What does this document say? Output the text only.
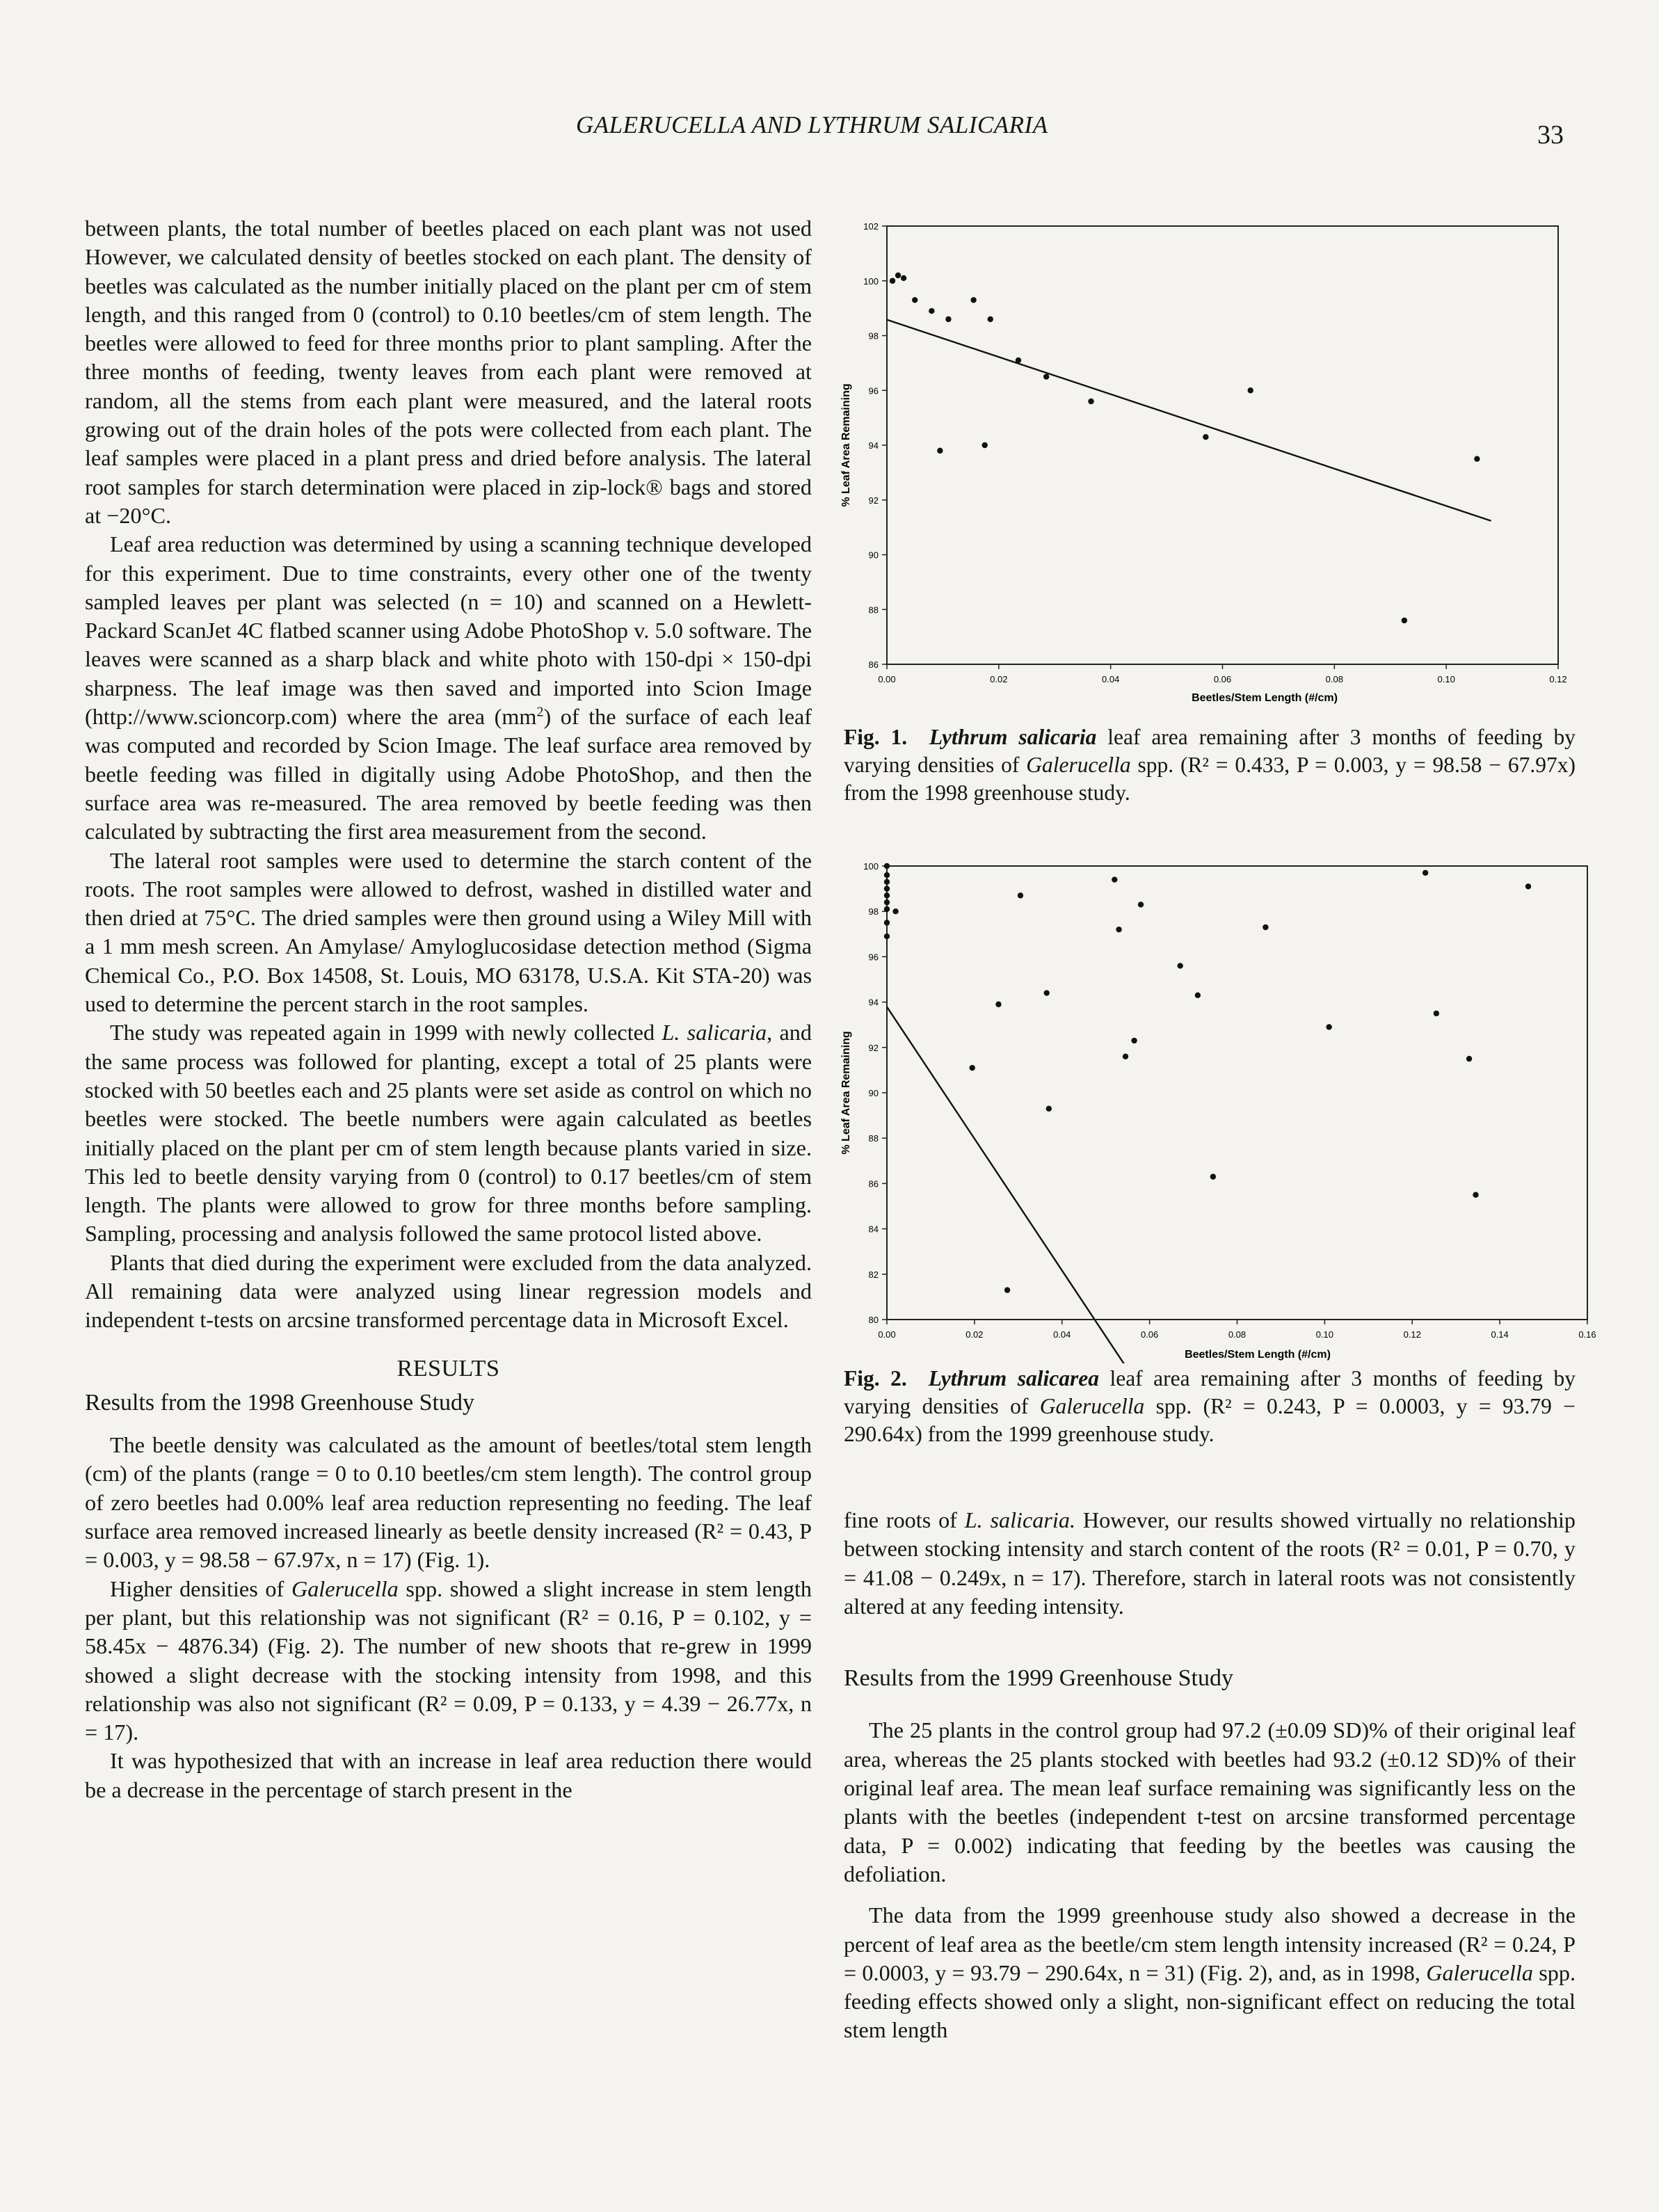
GALERUCELLA AND LYTHRUM SALICARIA	33

between plants, the total number of beetles placed on each plant was not used However, we calculated density of beetles stocked on each plant. The density of beetles was calculated as the number initially placed on the plant per cm of stem length, and this ranged from 0 (control) to 0.10 beetles/cm of stem length. The beetles were allowed to feed for three months prior to plant sampling. After the three months of feeding, twenty leaves from each plant were removed at random, all the stems from each plant were measured, and the lateral roots growing out of the drain holes of the pots were collected from each plant. The leaf samples were placed in a plant press and dried before analysis. The lateral root samples for starch determination were placed in zip-lock® bags and stored at −20°C.

Leaf area reduction was determined by using a scanning technique developed for this experiment. Due to time constraints, every other one of the twenty sampled leaves per plant was selected (n = 10) and scanned on a Hewlett-Packard ScanJet 4C flatbed scanner using Adobe PhotoShop v. 5.0 software. The leaves were scanned as a sharp black and white photo with 150-dpi × 150-dpi sharpness. The leaf image was then saved and imported into Scion Image (http://www.scioncorp.com) where the area $(mm^2)$ of the surface of each leaf was computed and recorded by Scion Image. The leaf surface area removed by beetle feeding was filled in digitally using Adobe PhotoShop, and then the surface area was re-measured. The area removed by beetle feeding was then calculated by subtracting the first area measurement from the second.

The lateral root samples were used to determine the starch content of the roots. The root samples were allowed to defrost, washed in distilled water and then dried at 75°C. The dried samples were then ground using a Wiley Mill with a 1 mm mesh screen. An Amylase/ Amyloglucosidase detection method (Sigma Chemical Co., P.O. Box 14508, St. Louis, MO 63178, U.S.A. Kit STA-20) was used to determine the percent starch in the root samples.

The study was repeated again in 1999 with newly collected L. salicaria, and the same process was followed for planting, except a total of 25 plants were stocked with 50 beetles each and 25 plants were set aside as control on which no beetles were stocked. The beetle numbers were again calculated as beetles initially placed on the plant per cm of stem length because plants varied in size. This led to beetle density varying from 0 (control) to 0.17 beetles/cm of stem length. The plants were allowed to grow for three months before sampling. Sampling, processing and analysis followed the same protocol listed above.

Plants that died during the experiment were excluded from the data analyzed. All remaining data were analyzed using linear regression models and independent t-tests on arcsine transformed percentage data in Microsoft Excel.

RESULTS
Results from the 1998 Greenhouse Study

The beetle density was calculated as the amount of beetles/total stem length (cm) of the plants (range = 0 to 0.10 beetles/cm stem length). The control group of zero beetles had 0.00% leaf area reduction representing no feeding. The leaf surface area removed increased linearly as beetle density increased (R² = 0.43, P = 0.003, y = 98.58 − 67.97x, n = 17) (Fig. 1).

Higher densities of Galerucella spp. showed a slight increase in stem length per plant, but this relationship was not significant (R² = 0.16, P = 0.102, y = 58.45x − 4876.34) (Fig. 2). The number of new shoots that re-grew in 1999 showed a slight decrease with the stocking intensity from 1998, and this relationship was also not significant (R² = 0.09, P = 0.133, y = 4.39 − 26.77x, n = 17).

It was hypothesized that with an increase in leaf area reduction there would be a decrease in the percentage of starch present in the

86
88
90
92
94
96
98
100
102
0.00	0.02	0.04	0.06	0.08	0.10	0.12
% Leaf Area Remaining
Beetles/Stem Length (#/cm)
Fig. 1. Lythrum salicaria leaf area remaining after 3 months of feeding by varying densities of Galerucella spp. (R² = 0.433, P = 0.003, y = 98.58 − 67.97x) from the 1998 greenhouse study.
80
82
84
86
88
90
92
94
96
98
100
0.00	0.02	0.04	0.06	0.08	0.10	0.12	0.14	0.16
% Leaf Area Remaining
Beetles/Stem Length (#/cm)
Fig. 2. Lythrum salicarea leaf area remaining after 3 months of feeding by varying densities of Galerucella spp. (R² = 0.243, P = 0.0003, y = 93.79 − 290.64x) from the 1999 greenhouse study.

fine roots of L. salicaria. However, our results showed virtually no relationship between stocking intensity and starch content of the roots (R² = 0.01, P = 0.70, y = 41.08 − 0.249x, n = 17). Therefore, starch in lateral roots was not consistently altered at any feeding intensity.

Results from the 1999 Greenhouse Study

The 25 plants in the control group had 97.2 (±0.09 SD)% of their original leaf area, whereas the 25 plants stocked with beetles had 93.2 (±0.12 SD)% of their original leaf area. The mean leaf surface remaining was significantly less on the plants with the beetles (independent t-test on arcsine transformed percentage data, P = 0.002) indicating that feeding by the beetles was causing the defoliation.

The data from the 1999 greenhouse study also showed a decrease in the percent of leaf area as the beetle/cm stem length intensity increased (R² = 0.24, P = 0.0003, y = 93.79 − 290.64x, n = 31) (Fig. 2), and, as in 1998, Galerucella spp. feeding effects showed only a slight, non-significant effect on reducing the total stem length
